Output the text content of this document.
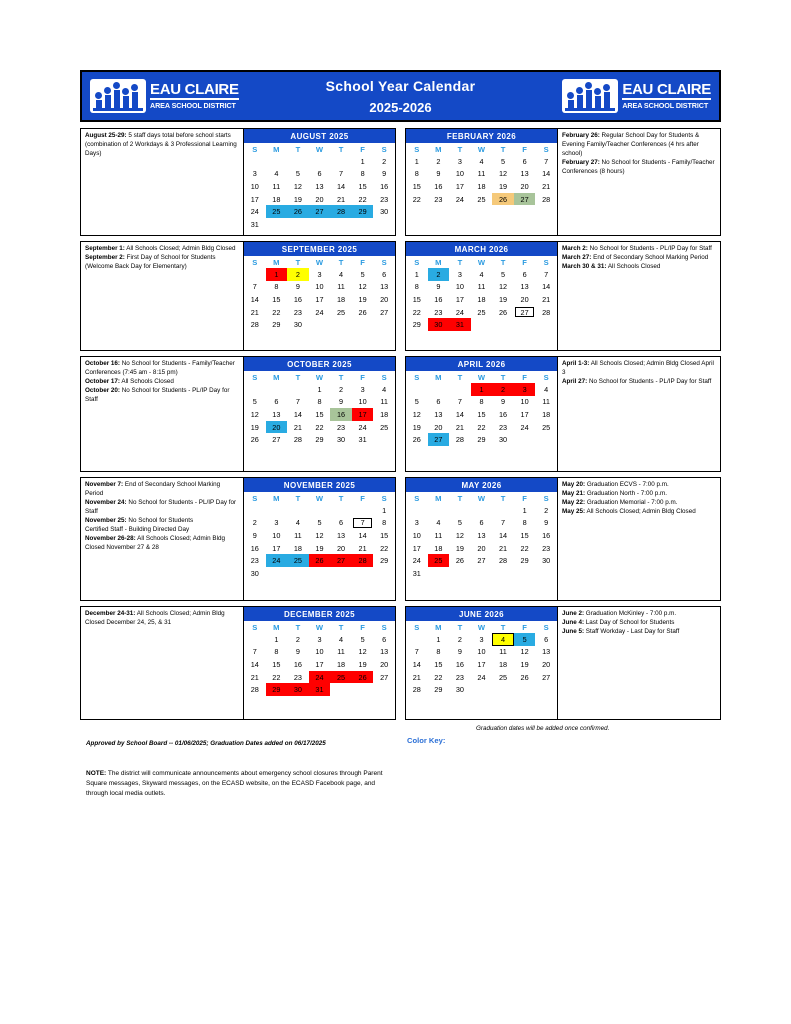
EAU CLAIRE
AREA SCHOOL DISTRICT
School Year Calendar
2025-2026
EAU CLAIRE
AREA SCHOOL DISTRICT
August 25-29: 5 staff days total before school starts (combination of 2 Workdays & 3 Professional Learning Days)
AUGUST 2025
S	M	T	W	T	F	S
					1	2
3	4	5	6	7	8	9
10	11	12	13	14	15	16
17	18	19	20	21	22	23
24	25	26	27	28	29	30
31						
February 26: Regular School Day for Students & Evening Family/Teacher Conferences (4 hrs after school)
February 27: No School for Students - Family/Teacher Conferences (8 hours)
FEBRUARY 2026
S	M	T	W	T	F	S
1	2	3	4	5	6	7
8	9	10	11	12	13	14
15	16	17	18	19	20	21
22	23	24	25	26	27	28
September 1: All Schools Closed; Admin Bldg Closed
September 2: First Day of School for Students (Welcome Back Day for Elementary)
SEPTEMBER 2025
S	M	T	W	T	F	S
	1	2	3	4	5	6
7	8	9	10	11	12	13
14	15	16	17	18	19	20
21	22	23	24	25	26	27
28	29	30				
March 2: No School for Students - PL/IP Day for Staff
March 27: End of Secondary School Marking Period
March 30 & 31: All Schools Closed
MARCH 2026
S	M	T	W	T	F	S
1	2	3	4	5	6	7
8	9	10	11	12	13	14
15	16	17	18	19	20	21
22	23	24	25	26	27	28
29	30	31				
October 16: No School for Students - Family/Teacher Conferences (7:45 am - 8:15 pm)
October 17: All Schools Closed
October 20: No School for Students - PL/IP Day for Staff
OCTOBER 2025
S	M	T	W	T	F	S
			1	2	3	4
5	6	7	8	9	10	11
12	13	14	15	16	17	18
19	20	21	22	23	24	25
26	27	28	29	30	31	
April 1-3: All Schools Closed; Admin Bldg Closed April 3
April 27: No School for Students - PL/IP Day for Staff
APRIL 2026
S	M	T	W	T	F	S
			1	2	3	4
5	6	7	8	9	10	11
12	13	14	15	16	17	18
19	20	21	22	23	24	25
26	27	28	29	30		
November 7: End of Secondary School Marking Period
November 24: No School for Students - PL/IP Day for Staff
November 25: No School for Students
Certified Staff - Building Directed Day
November 26-28: All Schools Closed; Admin Bldg Closed November 27 & 28
NOVEMBER 2025
S	M	T	W	T	F	S
						1
2	3	4	5	6	7	8
9	10	11	12	13	14	15
16	17	18	19	20	21	22
23	24	25	26	27	28	29
30						
May 20: Graduation ECVS - 7:00 p.m.
May 21: Graduation North - 7:00 p.m.
May 22: Graduation Memorial - 7:00 p.m.
May 25: All Schools Closed; Admin Bldg Closed
MAY 2026
S	M	T	W	T	F	S
					1	2
3	4	5	6	7	8	9
10	11	12	13	14	15	16
17	18	19	20	21	22	23
24	25	26	27	28	29	30
31						
December 24-31: All Schools Closed; Admin Bldg Closed December 24, 25, & 31
DECEMBER 2025
S	M	T	W	T	F	S
	1	2	3	4	5	6
7	8	9	10	11	12	13
14	15	16	17	18	19	20
21	22	23	24	25	26	27
28	29	30	31			
June 2: Graduation McKinley - 7:00 p.m.
June 4: Last Day of School for Students
June 5: Staff Workday - Last Day for Staff
JUNE 2026
S	M	T	W	T	F	S
	1	2	3	4	5	6
7	8	9	10	11	12	13
14	15	16	17	18	19	20
21	22	23	24	25	26	27
28	29	30				
Graduation dates will be added once confirmed.
Approved by School Board -- 01/06/2025; Graduation Dates added on 06/17/2025
NOTE: The district will communicate announcements about emergency school closures through Parent Square messages, Skyward messages, on the ECASD website, on the ECASD Facebook page, and through local media outlets.
Color Key:
